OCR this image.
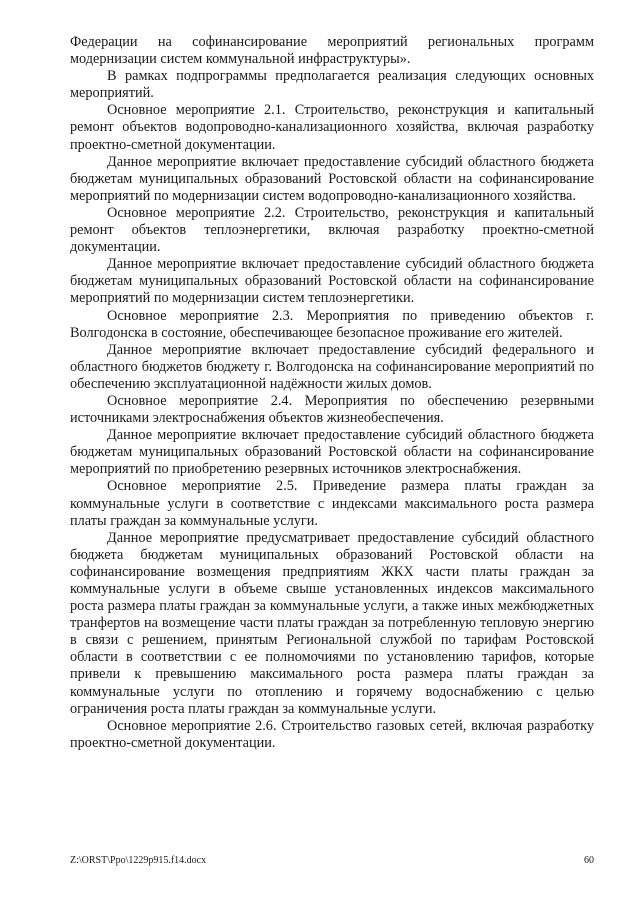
Федерации на софинансирование мероприятий региональных программ модернизации систем коммунальной инфраструктуры».

В рамках подпрограммы предполагается реализация следующих основных мероприятий.

Основное мероприятие 2.1. Строительство, реконструкция и капитальный ремонт объектов водопроводно-канализационного хозяйства, включая разработку проектно-сметной документации.

Данное мероприятие включает предоставление субсидий областного бюджета бюджетам муниципальных образований Ростовской области на софинансирование мероприятий по модернизации систем водопроводно-канализационного хозяйства.

Основное мероприятие 2.2. Строительство, реконструкция и капитальный ремонт объектов теплоэнергетики, включая разработку проектно-сметной документации.

Данное мероприятие включает предоставление субсидий областного бюджета бюджетам муниципальных образований Ростовской области на софинансирование мероприятий по модернизации систем теплоэнергетики.

Основное мероприятие 2.3. Мероприятия по приведению объектов г. Волгодонска в состояние, обеспечивающее безопасное проживание его жителей.

Данное мероприятие включает предоставление субсидий федерального и областного бюджетов бюджету г. Волгодонска на софинансирование мероприятий по обеспечению эксплуатационной надёжности жилых домов.

Основное мероприятие 2.4. Мероприятия по обеспечению резервными источниками электроснабжения объектов жизнеобеспечения.

Данное мероприятие включает предоставление субсидий областного бюджета бюджетам муниципальных образований Ростовской области на софинансирование мероприятий по приобретению резервных источников электроснабжения.

Основное мероприятие 2.5. Приведение размера платы граждан за коммунальные услуги в соответствие с индексами максимального роста размера платы граждан за коммунальные услуги.

Данное мероприятие предусматривает предоставление субсидий областного бюджета бюджетам муниципальных образований Ростовской области на софинансирование возмещения предприятиям ЖКХ части платы граждан за коммунальные услуги в объеме свыше установленных индексов максимального роста размера платы граждан за коммунальные услуги, а также иных межбюджетных транфертов на возмещение части платы граждан за потребленную тепловую энергию в связи с решением, принятым Региональной службой по тарифам Ростовской области в соответствии с ее полномочиями по установлению тарифов, которые привели к превышению максимального роста размера платы граждан за коммунальные услуги по отоплению и горячему водоснабжению с целью ограничения роста платы граждан за коммунальные услуги.

Основное мероприятие 2.6. Строительство газовых сетей, включая разработку проектно-сметной документации.

Z:\ORST\Ppo\1229p915.f14.docx	60
